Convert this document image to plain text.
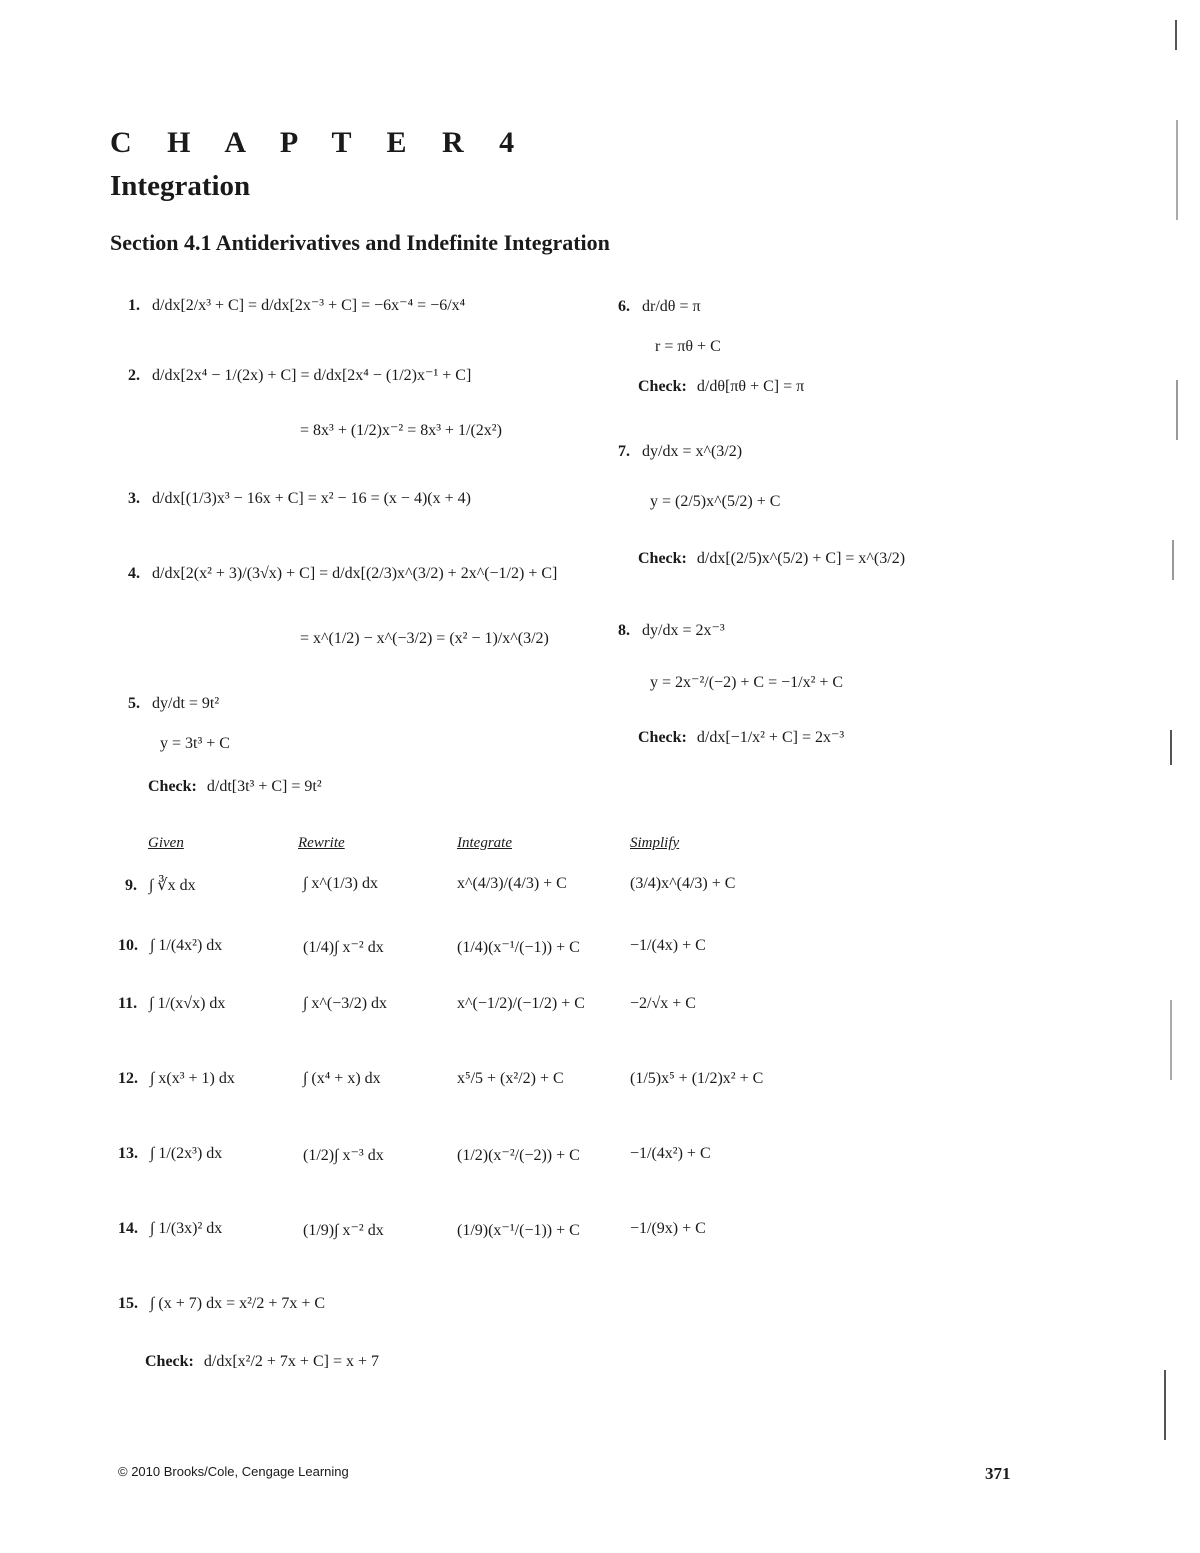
C H A P T E R 4
Integration
Section 4.1 Antiderivatives and Indefinite Integration
1. d/dx[2/x³ + C] = d/dx[2x⁻³ + C] = −6x⁻⁴ = −6/x⁴
2. d/dx[2x⁴ − 1/(2x) + C] = d/dx[2x⁴ − (1/2)x⁻¹ + C]
= 8x³ + (1/2)x⁻² = 8x³ + 1/(2x²)
3. d/dx[(1/3)x³ − 16x + C] = x² − 16 = (x − 4)(x + 4)
4. d/dx[2(x² + 3)/(3√x) + C] = d/dx[(2/3)x^(3/2) + 2x^(−1/2) + C]
= x^(1/2) − x^(−3/2) = (x² − 1)/x^(3/2)
5. dy/dt = 9t²
y = 3t³ + C
Check: d/dt[3t³ + C] = 9t²
6. dr/dθ = π
r = πθ + C
Check: d/dθ[πθ + C] = π
7. dy/dx = x^(3/2)
y = (2/5)x^(5/2) + C
Check: d/dx[(2/5)x^(5/2) + C] = x^(3/2)
8. dy/dx = 2x⁻³
y = 2x⁻²/(−2) + C = −1/x² + C
Check: d/dx[−1/x² + C] = 2x⁻³
Given	Rewrite	Integrate	Simplify
9. ∫ ∛x dx	∫ x^(1/3) dx	x^(4/3)/(4/3) + C	(3/4)x^(4/3) + C
10. ∫ 1/(4x²) dx	(1/4)∫ x⁻² dx	(1/4)(x⁻¹/(−1)) + C	−1/(4x) + C
11. ∫ 1/(x√x) dx	∫ x^(−3/2) dx	x^(−1/2)/(−1/2) + C	−2/√x + C
12. ∫ x(x³ + 1) dx	∫ (x⁴ + x) dx	x⁵/5 + (x²/2) + C	(1/5)x⁵ + (1/2)x² + C
13. ∫ 1/(2x³) dx	(1/2)∫ x⁻³ dx	(1/2)(x⁻²/(−2)) + C	−1/(4x²) + C
14. ∫ 1/(3x)² dx	(1/9)∫ x⁻² dx	(1/9)(x⁻¹/(−1)) + C	−1/(9x) + C
15. ∫ (x + 7) dx = x²/2 + 7x + C
Check: d/dx[x²/2 + 7x + C] = x + 7
© 2010 Brooks/Cole, Cengage Learning	371
